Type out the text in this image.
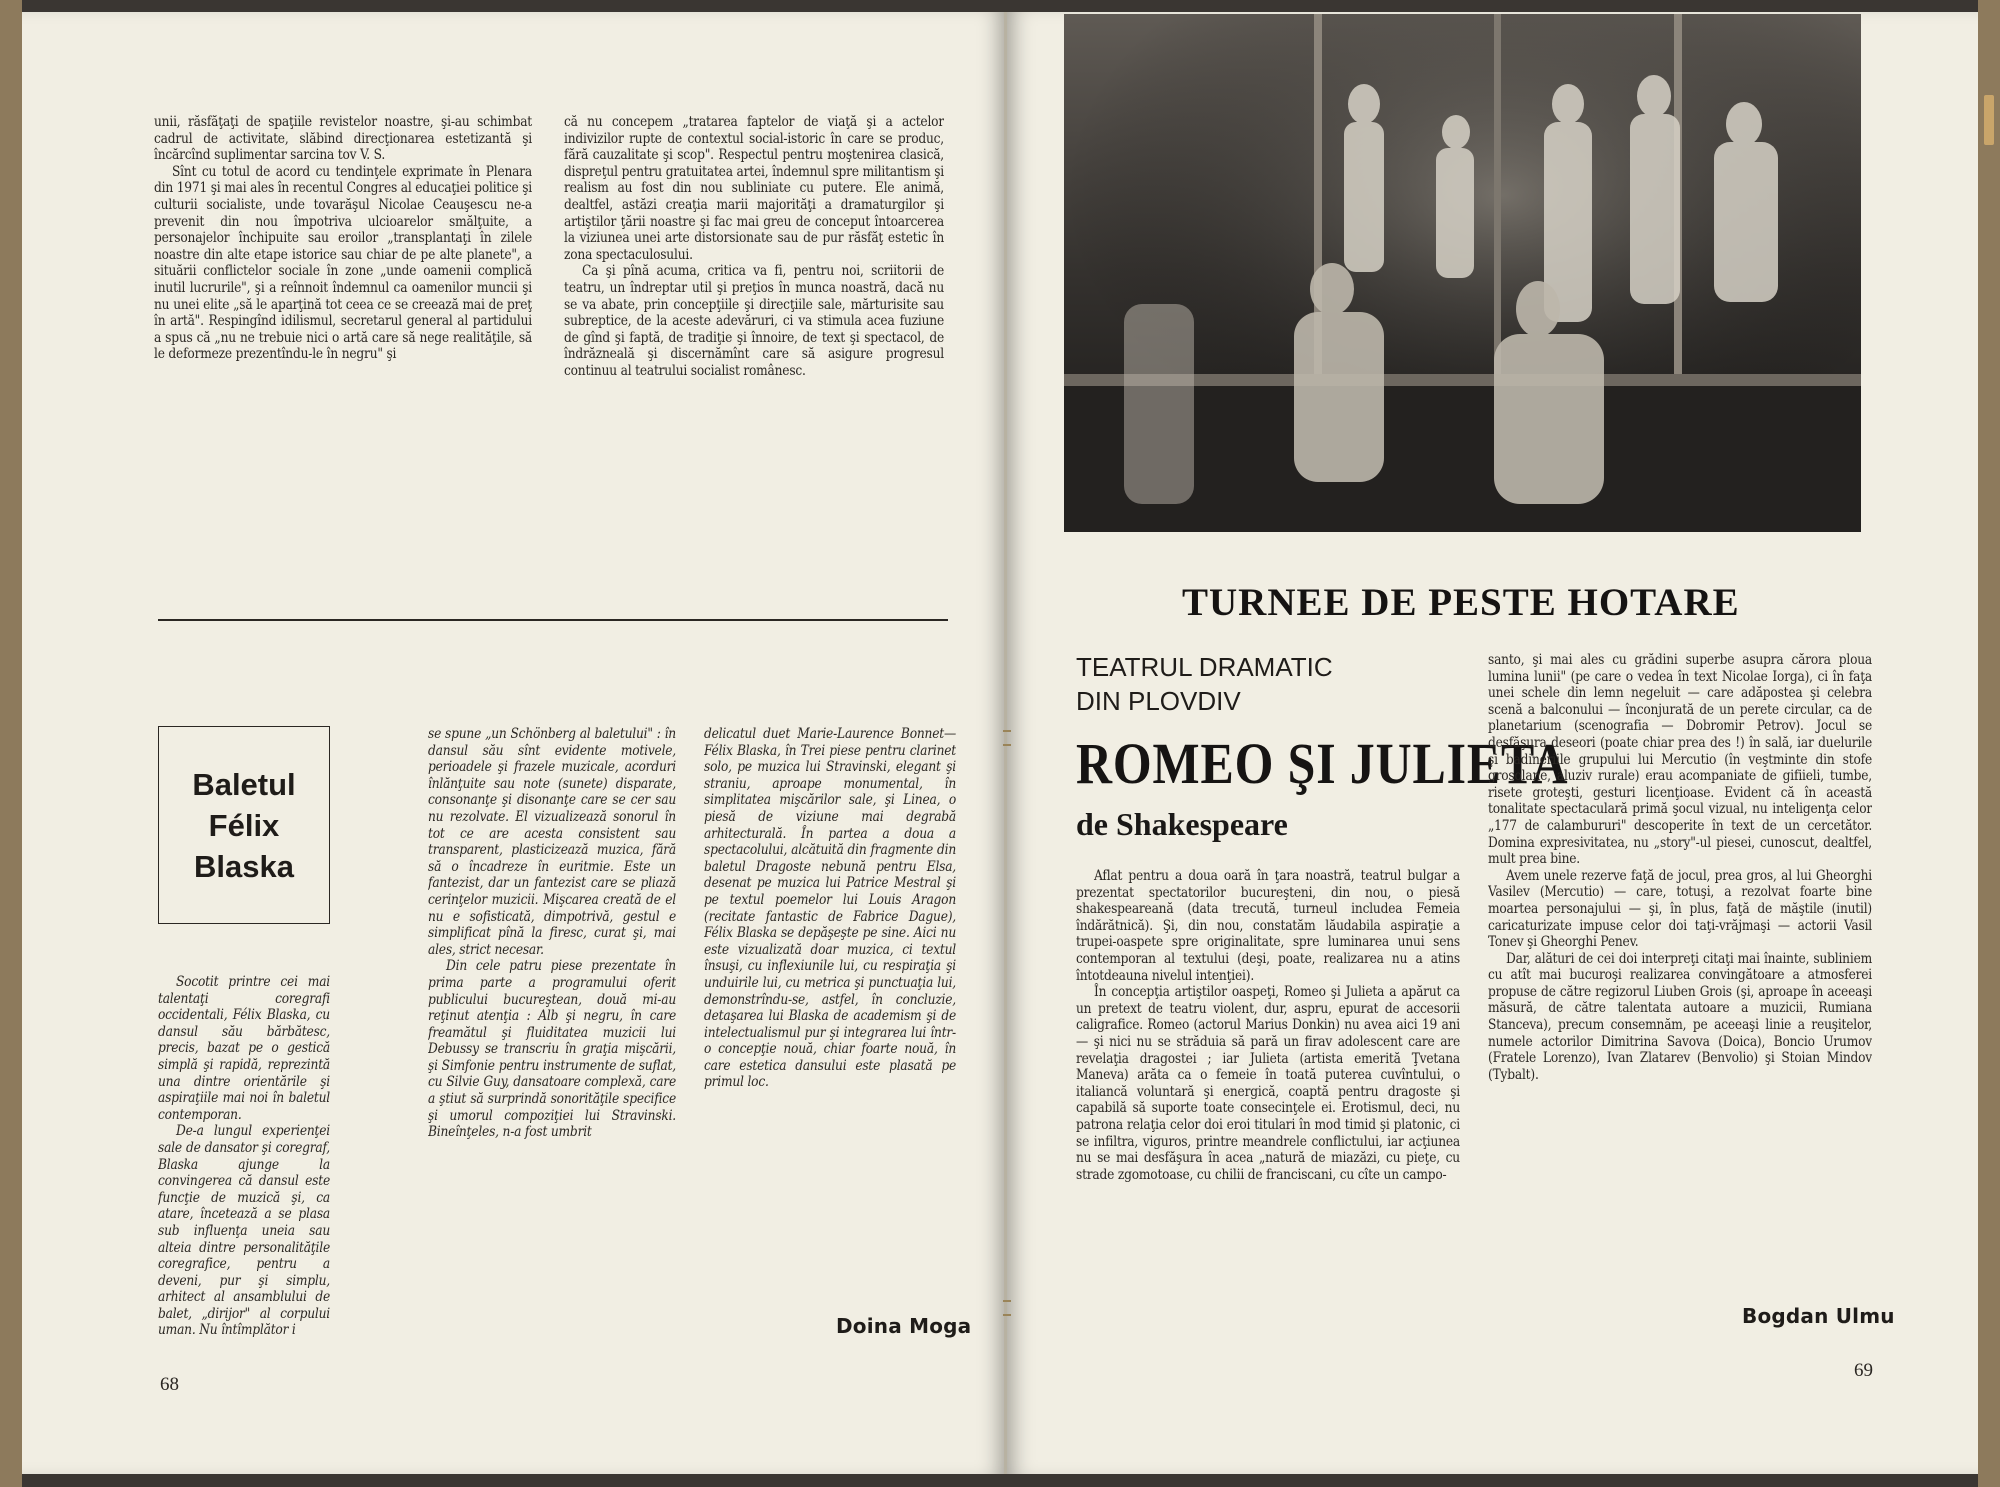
unii, răsfăţaţi de spaţiile revistelor noastre, şi-au schimbat cadrul de activitate, slăbind direcţionarea estetizantă şi încărcînd suplimentar sarcina tov V. S.

Sînt cu totul de acord cu tendinţele exprimate în Plenara din 1971 şi mai ales în recentul Congres al educaţiei politice şi culturii socialiste, unde tovarăşul Nicolae Ceauşescu ne-a prevenit din nou împotriva ulcioarelor smălţuite, a personajelor închipuite sau eroilor „transplantaţi în zilele noastre din alte etape istorice sau chiar de pe alte planete", a situării conflictelor sociale în zone „unde oamenii complică inutil lucrurile", şi a reînnoit îndemnul ca oamenilor muncii şi nu unei elite „să le aparţină tot ceea ce se creează mai de preţ în artă". Respingînd idilismul, secretarul general al partidului a spus că „nu ne trebuie nici o artă care să nege realităţile, să le deformeze prezentîndu-le în negru" şi

că nu concepem „tratarea faptelor de viaţă şi a actelor indivizilor rupte de contextul social-istoric în care se produc, fără cauzalitate şi scop". Respectul pentru moştenirea clasică, dispreţul pentru gratuitatea artei, îndemnul spre militantism şi realism au fost din nou subliniate cu putere. Ele animă, dealtfel, astăzi creaţia marii majorităţi a dramaturgilor şi artiştilor ţării noastre şi fac mai greu de conceput întoarcerea la viziunea unei arte distorsionate sau de pur răsfăţ estetic în zona spectaculosului.

Ca şi pînă acuma, critica va fi, pentru noi, scriitorii de teatru, un îndreptar util şi preţios în munca noastră, dacă nu se va abate, prin concepţiile şi direcţiile sale, mărturisite sau subreptice, de la aceste adevăruri, ci va stimula acea fuziune de gînd şi faptă, de tradiţie şi înnoire, de text şi spectacol, de îndrăzneală şi discernămînt care să asigure progresul continuu al teatrului socialist românesc.

Baletul
Félix
Blaska

Socotit printre cei mai talentaţi coregrafi occidentali, Félix Blaska, cu dansul său bărbătesc, precis, bazat pe o gestică simplă şi rapidă, reprezintă una dintre orientările şi aspiraţiile mai noi în baletul contemporan.

De-a lungul experienţei sale de dansator şi coregraf, Blaska ajunge la convingerea că dansul este funcţie de muzică şi, ca atare, încetează a se plasa sub influenţa uneia sau alteia dintre personalităţile coregrafice, pentru a deveni, pur şi simplu, arhitect al ansamblului de balet, „dirijor" al corpului uman. Nu întîmplător i

se spune „un Schönberg al baletului" : în dansul său sînt evidente motivele, perioadele şi frazele muzicale, acorduri înlănţuite sau note (sunete) disparate, consonanţe şi disonanţe care se cer sau nu rezolvate. El vizualizează sonorul în tot ce are acesta consistent sau transparent, plasticizează muzica, fără să o încadreze în euritmie. Este un fantezist, dar un fantezist care se pliază cerinţelor muzicii. Mişcarea creată de el nu e sofisticată, dimpotrivă, gestul e simplificat pînă la firesc, curat şi, mai ales, strict necesar.

Din cele patru piese prezentate în prima parte a programului oferit publicului bucureştean, două mi-au reţinut atenţia : Alb şi negru, în care freamătul şi fluiditatea muzicii lui Debussy se transcriu în graţia mişcării, şi Simfonie pentru instrumente de suflat, cu Silvie Guy, dansatoare complexă, care a ştiut să surprindă sonorităţile specifice şi umorul compoziţiei lui Stravinski. Bineînţeles, n-a fost umbrit

delicatul duet Marie-Laurence Bonnet—Félix Blaska, în Trei piese pentru clarinet solo, pe muzica lui Stravinski, elegant şi straniu, aproape monumental, în simplitatea mişcărilor sale, şi Linea, o piesă de viziune mai degrabă arhitecturală. În partea a doua a spectacolului, alcătuită din fragmente din baletul Dragoste nebună pentru Elsa, desenat pe muzica lui Patrice Mestral şi pe textul poemelor lui Louis Aragon (recitate fantastic de Fabrice Dague), Félix Blaska se depăşeşte pe sine. Aici nu este vizualizată doar muzica, ci textul însuşi, cu inflexiunile lui, cu respiraţia şi unduirile lui, cu metrica şi punctuaţia lui, demonstrîndu-se, astfel, în concluzie, detaşarea lui Blaska de academism şi de intelectualismul pur şi integrarea lui într-o concepţie nouă, chiar foarte nouă, în care estetica dansului este plasată pe primul loc.

Doina Moga
68
TURNEE DE PESTE HOTARE
TEATRUL DRAMATIC
DIN PLOVDIV
ROMEO ŞI JULIETA
de Shakespeare

Aflat pentru a doua oară în ţara noastră, teatrul bulgar a prezentat spectatorilor bucureşteni, din nou, o piesă shakespeareană (data trecută, turneul includea Femeia îndărătnică). Şi, din nou, constatăm lăudabila aspiraţie a trupei-oaspete spre originalitate, spre luminarea unui sens contemporan al textului (deşi, poate, realizarea nu a atins întotdeauna nivelul intenţiei).

În concepţia artiştilor oaspeţi, Romeo şi Julieta a apărut ca un pretext de teatru violent, dur, aspru, epurat de accesorii caligrafice. Romeo (actorul Marius Donkin) nu avea aici 19 ani — şi nici nu se străduia să pară un firav adolescent care are revelaţia dragostei ; iar Julieta (artista emerită Ţvetana Maneva) arăta ca o femeie în toată puterea cuvîntului, o italiancă voluntară şi energică, coaptă pentru dragoste şi capabilă să suporte toate consecinţele ei. Erotismul, deci, nu patrona relaţia celor doi eroi titulari în mod timid şi platonic, ci se infiltra, viguros, printre meandrele conflictului, iar acţiunea nu se mai desfăşura în acea „natură de miazăzi, cu pieţe, cu strade zgomotoase, cu chilii de franciscani, cu cîte un campo-

santo, şi mai ales cu grădini superbe asupra cărora ploua lumina lunii" (pe care o vedea în text Nicolae Iorga), ci în faţa unei schele din lemn negeluit — care adăpostea şi celebra scenă a balconului — înconjurată de un perete circular, ca de planetarium (scenografia — Dobromir Petrov). Jocul se desfăşura deseori (poate chiar prea des !) în sală, iar duelurile şi badineriile grupului lui Mercutio (în veştminte din stofe grosolane, aluziv rurale) erau acompaniate de gifiieli, tumbe, risete groteşti, gesturi licenţioase. Evident că în această tonalitate spectaculară primă şocul vizual, nu inteligenţa celor „177 de calambururi" descoperite în text de un cercetător. Domina expresivitatea, nu „story"-ul piesei, cunoscut, dealtfel, mult prea bine.

Avem unele rezerve faţă de jocul, prea gros, al lui Gheorghi Vasilev (Mercutio) — care, totuşi, a rezolvat foarte bine moartea personajului — şi, în plus, faţă de măştile (inutil) caricaturizate impuse celor doi taţi-vrăjmaşi — actorii Vasil Tonev şi Gheorghi Penev.

Dar, alături de cei doi interpreţi citaţi mai înainte, subliniem cu atît mai bucuroşi realizarea convingătoare a atmosferei propuse de către regizorul Liuben Grois (şi, aproape în aceeaşi măsură, de către talentata autoare a muzicii, Rumiana Stanceva), precum consemnăm, pe aceeaşi linie a reuşitelor, numele actorilor Dimitrina Savova (Doica), Boncio Urumov (Fratele Lorenzo), Ivan Zlatarev (Benvolio) şi Stoian Mindov (Tybalt).

Bogdan Ulmu
69
